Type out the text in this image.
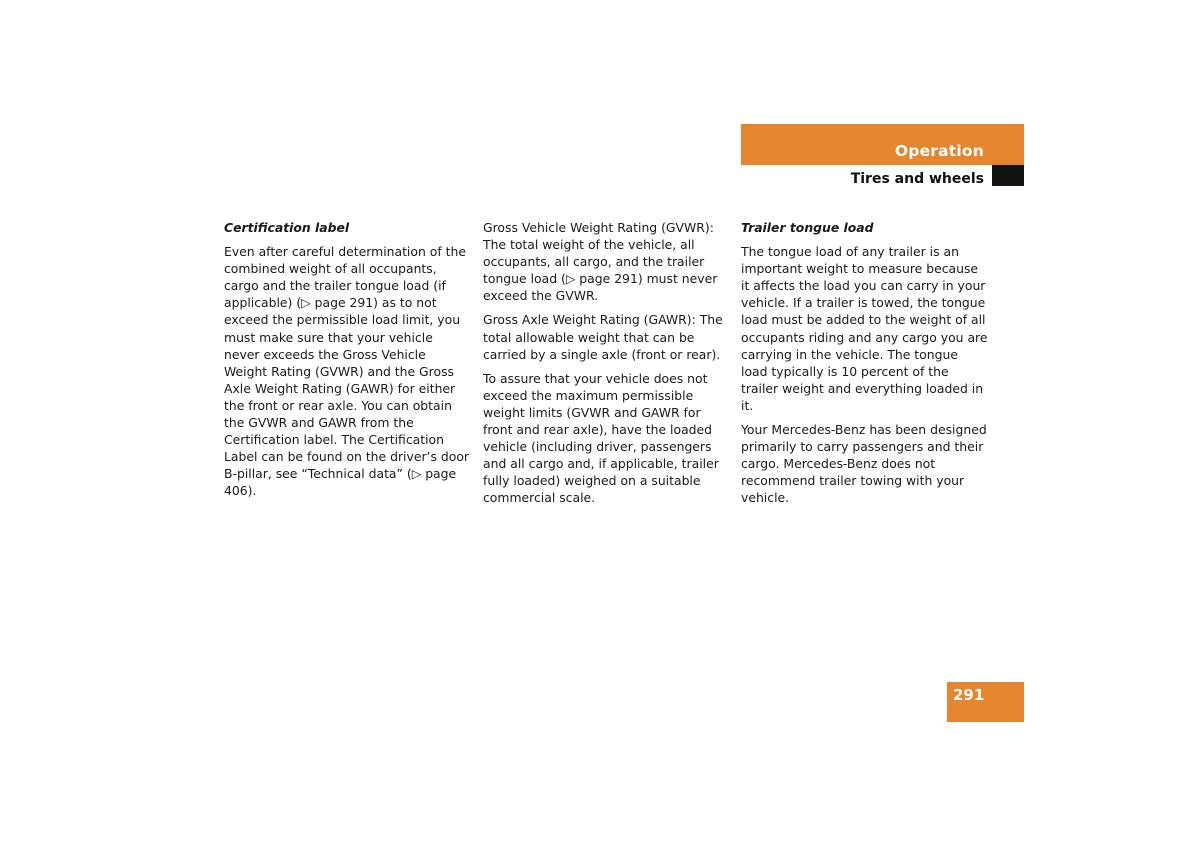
Operation
Tires and wheels

Certification label

Even after careful determination of the combined weight of all occupants, cargo and the trailer tongue load (if applicable) (▷ page 291) as to not exceed the permissible load limit, you must make sure that your vehicle never exceeds the Gross Vehicle Weight Rating (GVWR) and the Gross Axle Weight Rating (GAWR) for either the front or rear axle. You can obtain the GVWR and GAWR from the Certification label. The Certification Label can be found on the driver’s door B-pillar, see “Technical data” (▷ page 406).

Gross Vehicle Weight Rating (GVWR): The total weight of the vehicle, all occupants, all cargo, and the trailer tongue load (▷ page 291) must never exceed the GVWR.

Gross Axle Weight Rating (GAWR): The total allowable weight that can be carried by a single axle (front or rear).

To assure that your vehicle does not exceed the maximum permissible weight limits (GVWR and GAWR for front and rear axle), have the loaded vehicle (including driver, passengers and all cargo and, if applicable, trailer fully loaded) weighed on a suitable commercial scale.

Trailer tongue load

The tongue load of any trailer is an important weight to measure because it affects the load you can carry in your vehicle. If a trailer is towed, the tongue load must be added to the weight of all occupants riding and any cargo you are carrying in the vehicle. The tongue load typically is 10 percent of the trailer weight and everything loaded in it.

Your Mercedes-Benz has been designed primarily to carry passengers and their cargo. Mercedes-Benz does not recommend trailer towing with your vehicle.

291
